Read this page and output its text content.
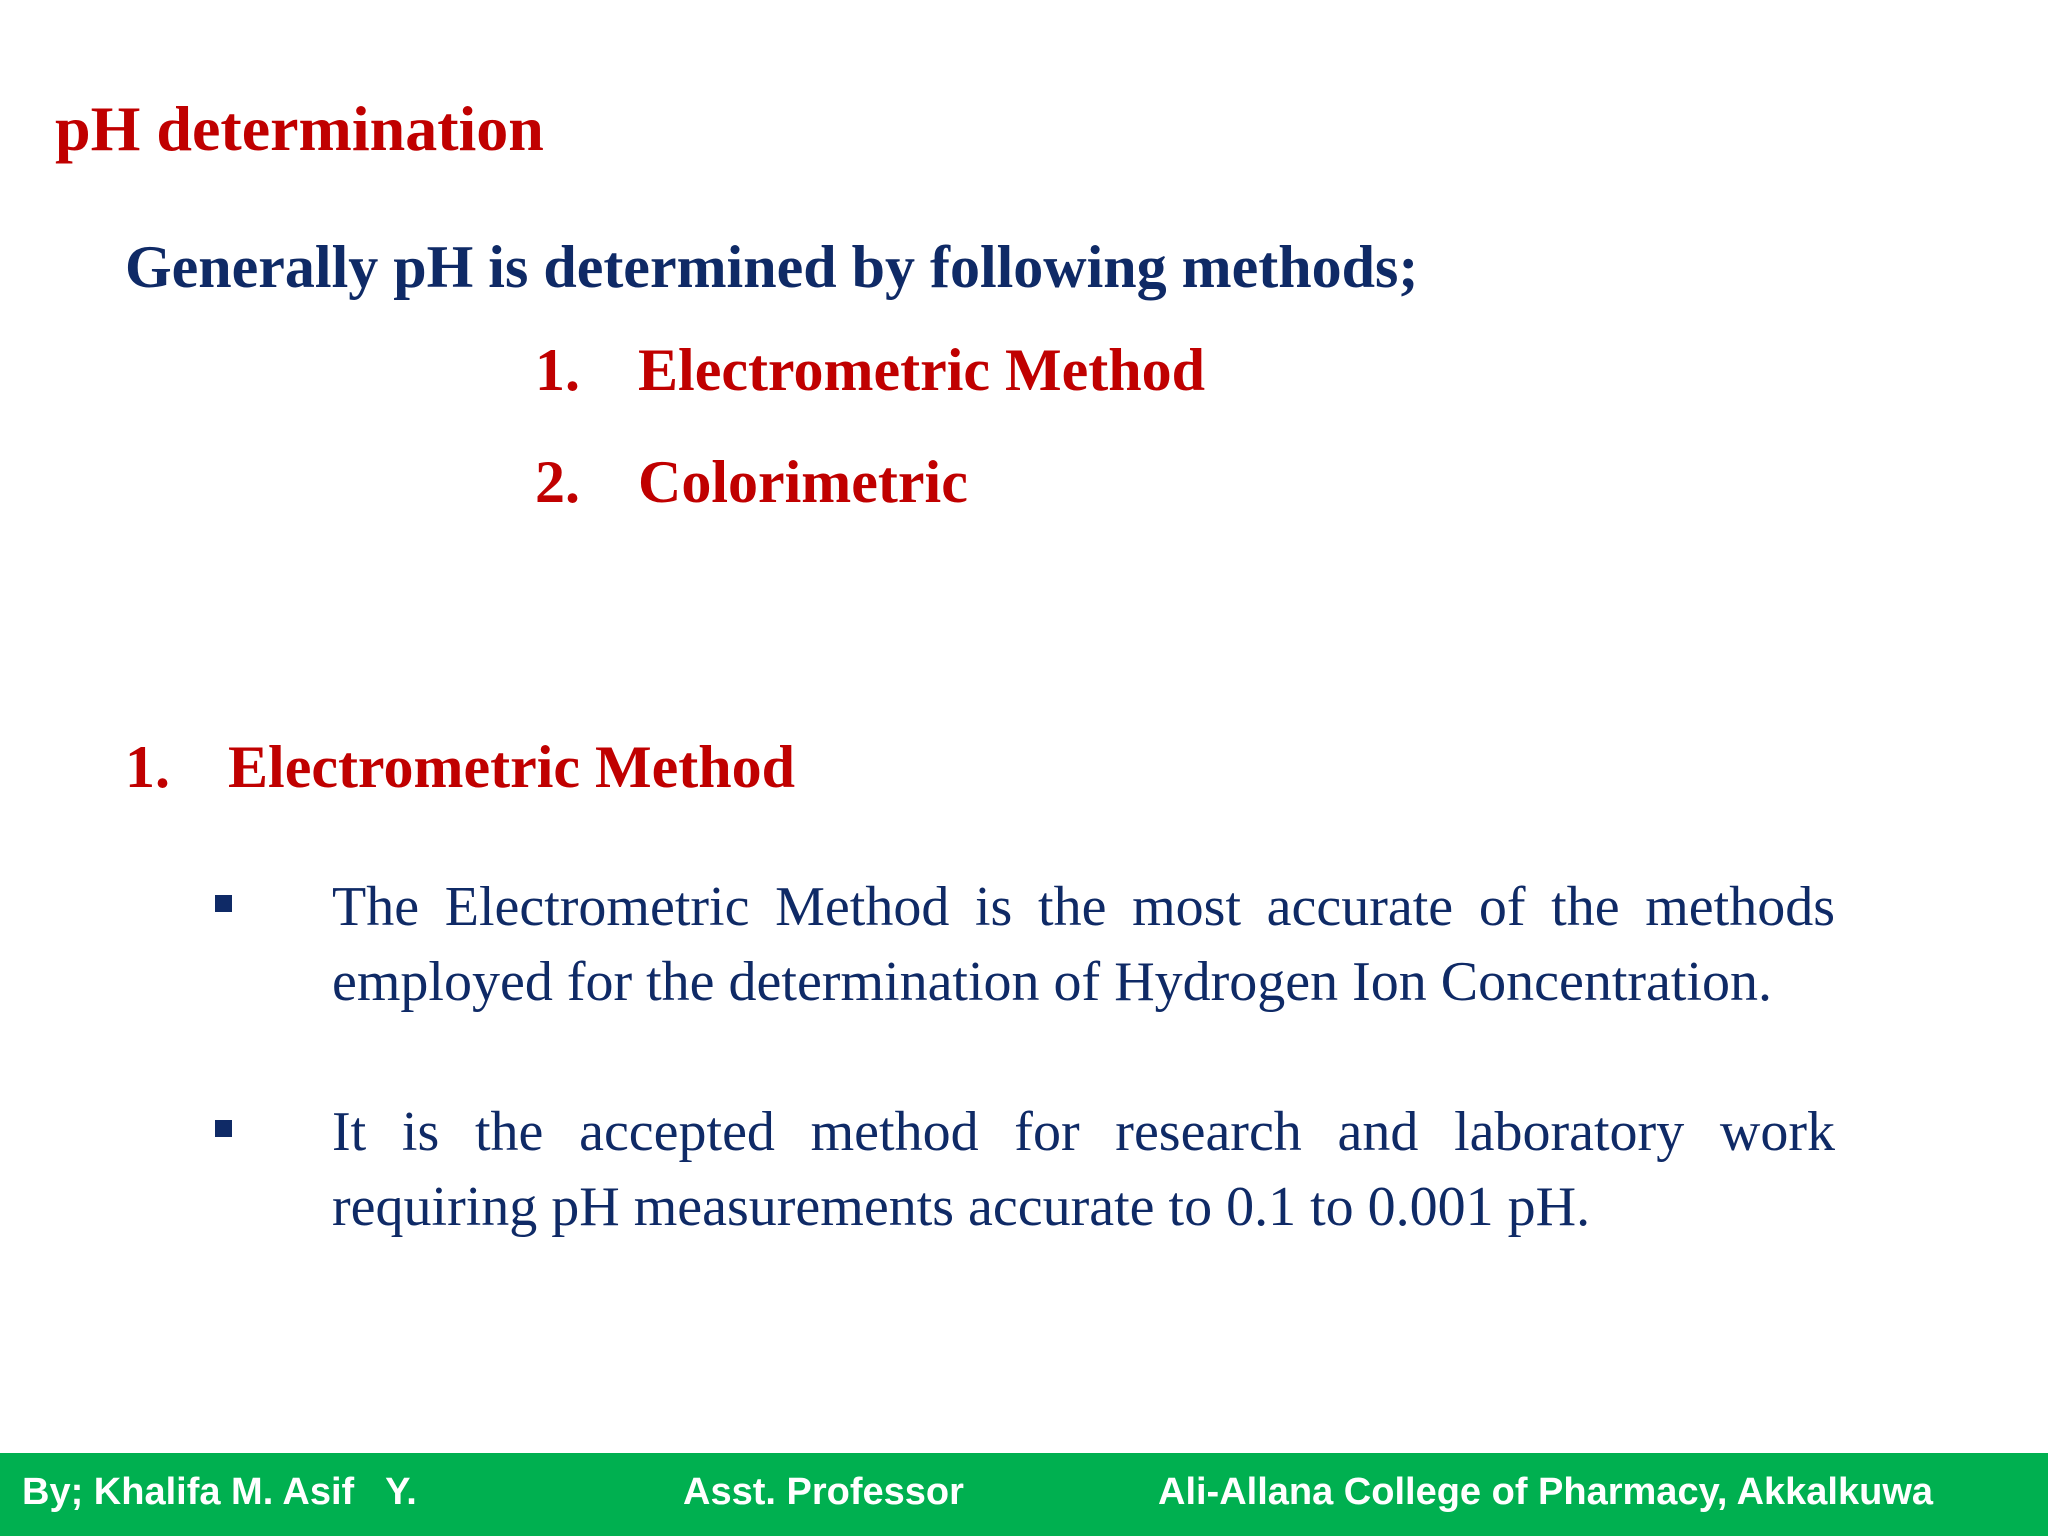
pH determination
Generally pH is determined by following methods;
1. Electrometric Method
2. Colorimetric
1. Electrometric Method
The Electrometric Method is the most accurate of the methods employed for the determination of Hydrogen Ion Concentration.
It is the accepted method for research and laboratory work requiring pH measurements accurate to 0.1 to 0.001 pH.
By; Khalifa M. Asif   Y.	Asst. Professor	Ali-Allana College of Pharmacy, Akkalkuwa
